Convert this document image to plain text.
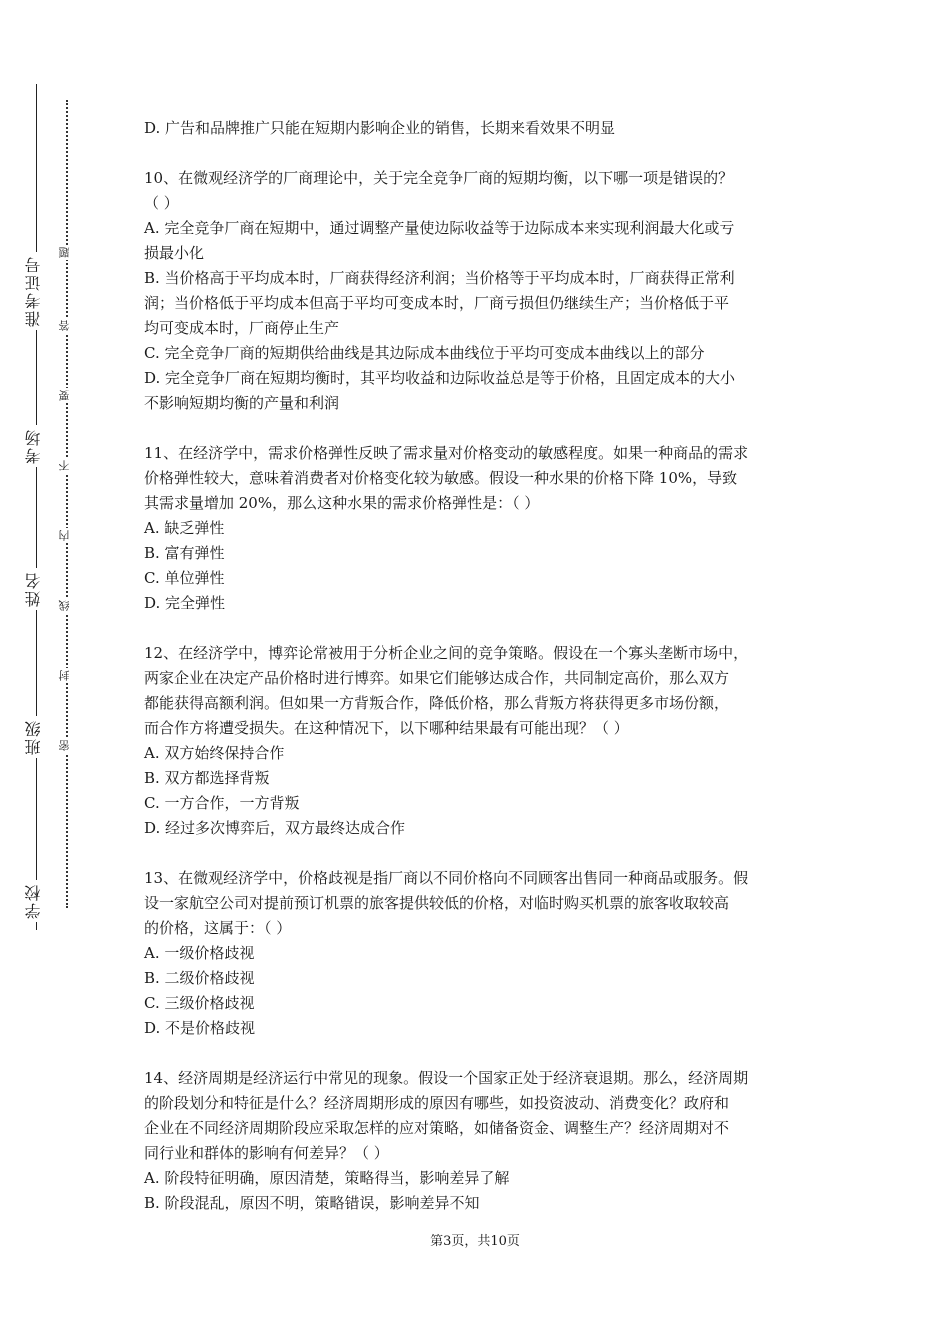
学校
班级
姓名
考场
准考证号
密
封
线
内
不
要
答
题
D. 广告和品牌推广只能在短期内影响企业的销售，长期来看效果不明显
10、在微观经济学的厂商理论中，关于完全竞争厂商的短期均衡，以下哪一项是错误的？
（ ）
A. 完全竞争厂商在短期中，通过调整产量使边际收益等于边际成本来实现利润最大化或亏
损最小化
B. 当价格高于平均成本时，厂商获得经济利润；当价格等于平均成本时，厂商获得正常利
润；当价格低于平均成本但高于平均可变成本时，厂商亏损但仍继续生产；当价格低于平
均可变成本时，厂商停止生产
C. 完全竞争厂商的短期供给曲线是其边际成本曲线位于平均可变成本曲线以上的部分
D. 完全竞争厂商在短期均衡时，其平均收益和边际收益总是等于价格，且固定成本的大小
不影响短期均衡的产量和利润
11、在经济学中，需求价格弹性反映了需求量对价格变动的敏感程度。如果一种商品的需求
价格弹性较大，意味着消费者对价格变化较为敏感。假设一种水果的价格下降 10%，导致
其需求量增加 20%，那么这种水果的需求价格弹性是：（ ）
A. 缺乏弹性
B. 富有弹性
C. 单位弹性
D. 完全弹性
12、在经济学中，博弈论常被用于分析企业之间的竞争策略。假设在一个寡头垄断市场中，
两家企业在决定产品价格时进行博弈。如果它们能够达成合作，共同制定高价，那么双方
都能获得高额利润。但如果一方背叛合作，降低价格，那么背叛方将获得更多市场份额，
而合作方将遭受损失。在这种情况下，以下哪种结果最有可能出现？（ ）
A. 双方始终保持合作
B. 双方都选择背叛
C. 一方合作，一方背叛
D. 经过多次博弈后，双方最终达成合作
13、在微观经济学中，价格歧视是指厂商以不同价格向不同顾客出售同一种商品或服务。假
设一家航空公司对提前预订机票的旅客提供较低的价格，对临时购买机票的旅客收取较高
的价格，这属于：（ ）
A. 一级价格歧视
B. 二级价格歧视
C. 三级价格歧视
D. 不是价格歧视
14、经济周期是经济运行中常见的现象。假设一个国家正处于经济衰退期。那么，经济周期
的阶段划分和特征是什么？经济周期形成的原因有哪些，如投资波动、消费变化？政府和
企业在不同经济周期阶段应采取怎样的应对策略，如储备资金、调整生产？经济周期对不
同行业和群体的影响有何差异？（ ）
A. 阶段特征明确，原因清楚，策略得当，影响差异了解
B. 阶段混乱，原因不明，策略错误，影响差异不知
第3页，共10页
